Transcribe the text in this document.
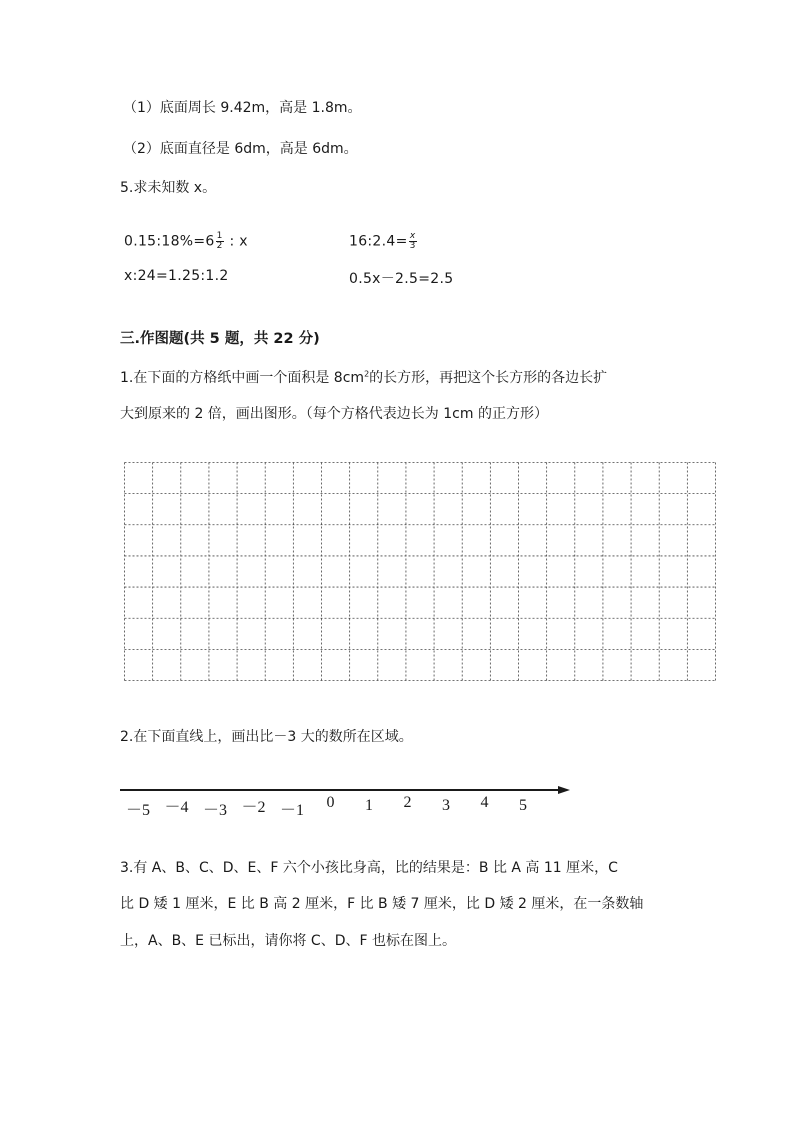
（1）底面周长 9.42m，高是 1.8m。
（2）底面直径是 6dm，高是 6dm。
5.求未知数 x。
0.15:18%=6 $\frac{1}{2}$ : x	16:2.4= $\frac{x}{3}$
x:24=1.25:1.2	0.5x－2.5=2.5
三.作图题(共 5 题，共 22 分)
1.在下面的方格纸中画一个面积是 $8cm^2$的长方形，再把这个长方形的各边长扩
大到原来的 2 倍，画出图形。（每个方格代表边长为 1cm 的正方形）
2.在下面直线上，画出比－3 大的数所在区域。
－5 －4 －3 －2 －1 0 1 2 3 4 5
3.有 A、B、C、D、E、F 六个小孩比身高，比的结果是：B 比 A 高 11 厘米，C
比 D 矮 1 厘米，E 比 B 高 2 厘米，F 比 B 矮 7 厘米，比 D 矮 2 厘米，在一条数轴
上，A、B、E 已标出，请你将 C、D、F 也标在图上。
